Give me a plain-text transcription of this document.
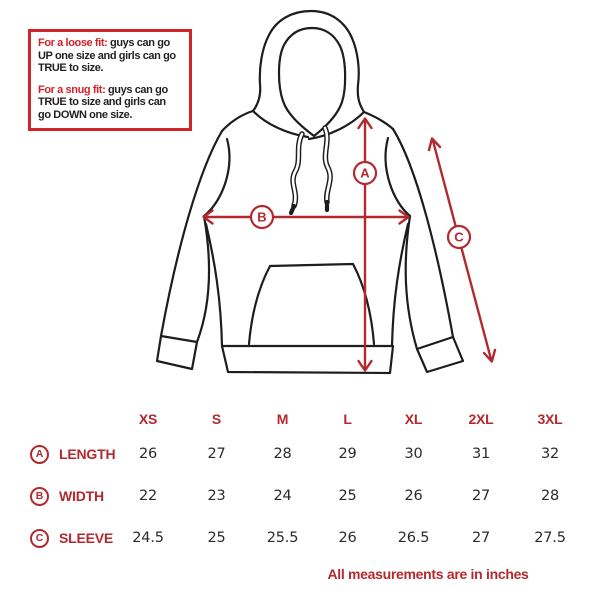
For a loose fit: guys can go
UP one size and girls can go
TRUE to size.
For a snug fit: guys can go
TRUE to size and girls can
go DOWN one size.
A
B
C
XS	S	M	L	XL	2XL	3XL
A	LENGTH	26	27	28	29	30	31	32
B	WIDTH	22	23	24	25	26	27	28
C	SLEEVE	24.5	25	25.5	26	26.5	27	27.5
All measurements are in inches
